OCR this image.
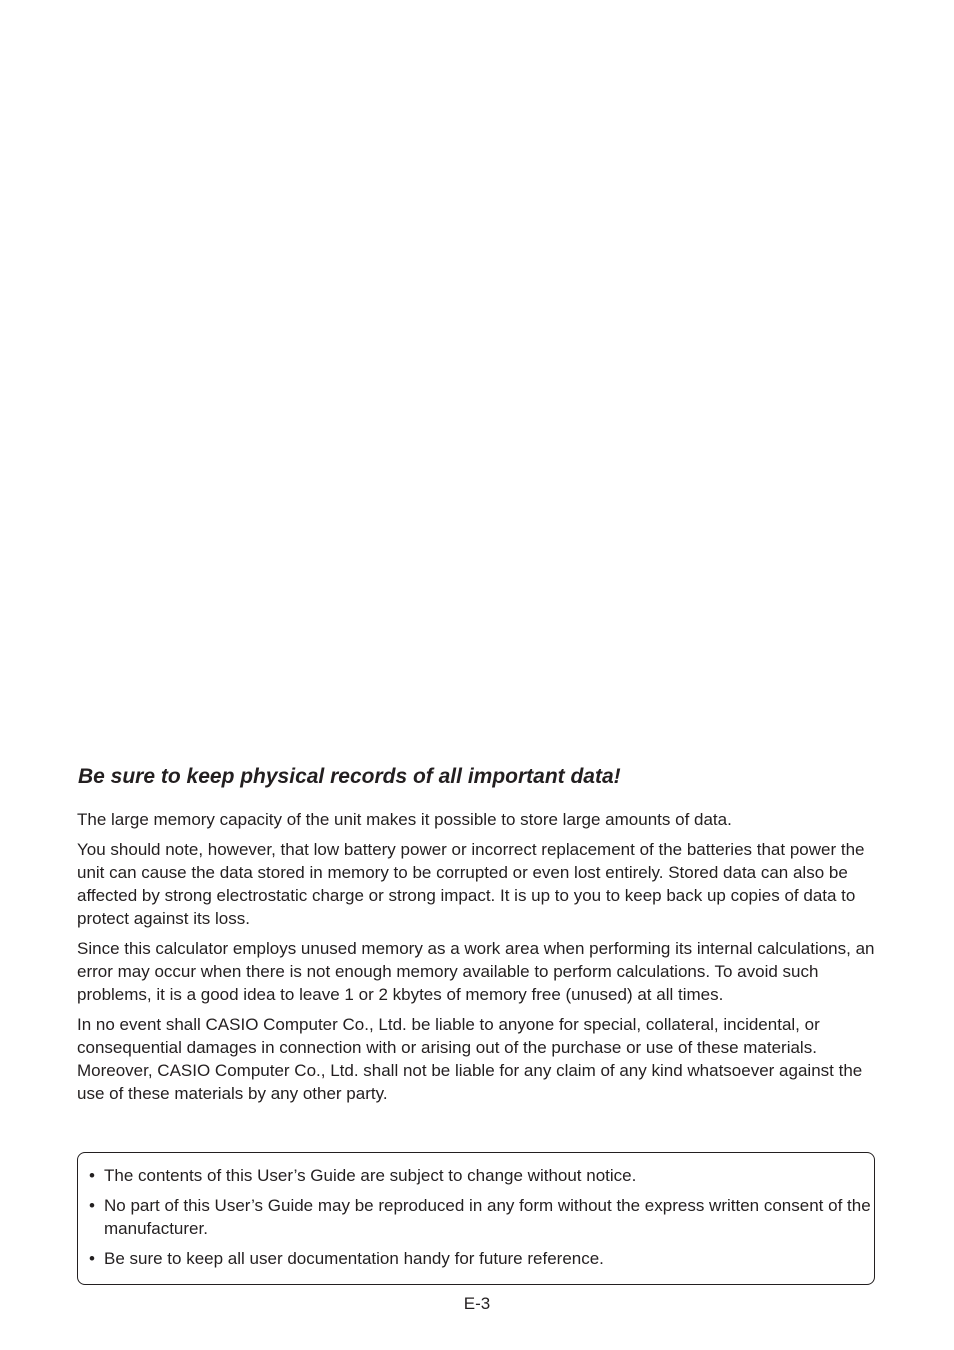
Be sure to keep physical records of all important data!

The large memory capacity of the unit makes it possible to store large amounts of data.

You should note, however, that low battery power or incorrect replacement of the batteries that power the unit can cause the data stored in memory to be corrupted or even lost entirely. Stored data can also be affected by strong electrostatic charge or strong impact. It is up to you to keep back up copies of data to protect against its loss.

Since this calculator employs unused memory as a work area when performing its internal calculations, an error may occur when there is not enough memory available to perform calculations. To avoid such problems, it is a good idea to leave 1 or 2 kbytes of memory free (unused) at all times.

In no event shall CASIO Computer Co., Ltd. be liable to anyone for special, collateral, incidental, or consequential damages in connection with or arising out of the purchase or use of these materials. Moreover, CASIO Computer Co., Ltd. shall not be liable for any claim of any kind whatsoever against the use of these materials by any other party.

• The contents of this User’s Guide are subject to change without notice.
• No part of this User’s Guide may be reproduced in any form without the express written consent of the manufacturer.
• Be sure to keep all user documentation handy for future reference.
E-3
